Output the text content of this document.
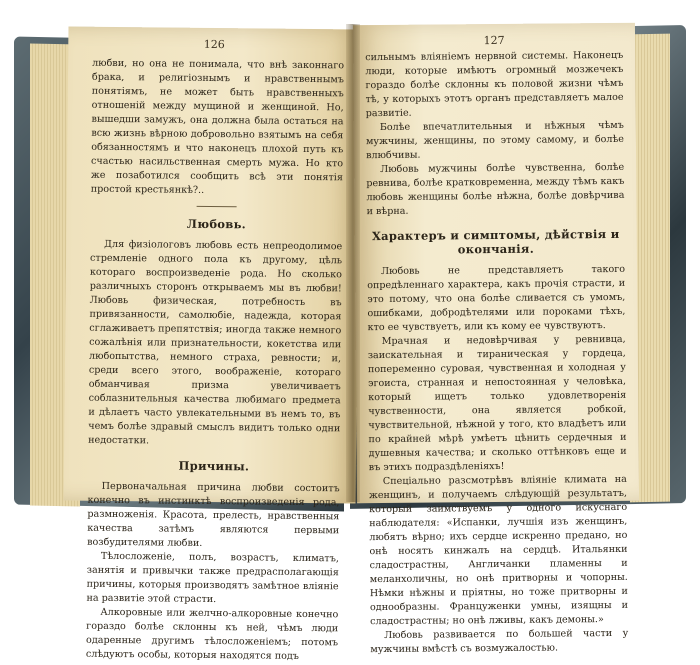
126

любви, но она не понимала, что внѣ законнаго брака, и религіознымъ и нравственнымъ понятіямъ, не может быть нравственныхъ отношеній между мущиной и женщиной. Но, вышедши замужъ, она должна была остаться на всю жизнь вѣрною добровольно взятымъ на себя обязанностямъ и что наконецъ плохой путь къ счастью насильственная смерть мужа. Но кто же позаботился сообщить всѣ эти понятія простой крестьянкѣ?..

Любовь.

Для физіологовъ любовь есть непреодолимое стремленіе одного пола къ другому, цѣль котораго воспроизведеніе рода. Но сколько различныхъ сторонъ открываемъ мы въ любви! Любовь физическая, потребность въ привязанности, самолюбіе, надежда, которая сглаживаетъ препятствія; иногда также немного сожалѣнія или признательности, кокетства или любопытства, немного страха, ревности; и, среди всего этого, воображеніе, котораго обманчивая призма увеличиваетъ соблазнительныя качества любимаго предмета и дѣлаетъ часто увлекательными въ немъ то, въ чемъ болѣе здравый смыслъ видитъ только одни недостатки.

Причины.

Первоначальная причина любви состоитъ конечно въ инстинктѣ воспроизведенія рода, размноженія. Красота, прелесть, нравственныя качества затѣмъ являются первыми возбудителями любви.

Тѣлосложеніе, полъ, возрастъ, климатъ, занятія и привычки также предрасполагающія причины, которыя производятъ замѣтное вліяніе на развитіе этой страсти.

Алкоровные или желчно-алкоровные конечно гораздо болѣе склонны къ ней, чѣмъ люди одаренные другимъ тѣлосложеніемъ; потомъ слѣдуютъ особы, которыя находятся подъ

127

сильнымъ вліяніемъ нервной системы. Наконецъ люди, которые имѣютъ огромный мозжечекъ гораздо болѣе склонны къ половой жизни чѣмъ тѣ, у которыхъ этотъ органъ представляетъ малое развитіе.

Болѣе впечатлительныя и нѣжныя чѣмъ мужчины, женщины, по этому самому, и болѣе влюбчивы.

Любовь мужчины болѣе чувственна, болѣе ревнива, болѣе кратковременна, между тѣмъ какъ любовь женщины болѣе нѣжна, болѣе довѣрчива и вѣрна.

Характеръ и симптомы, дѣйствія и окончанія.

Любовь не представляетъ такого опредѣленнаго характера, какъ прочія страсти, и это потому, что она болѣе сливается съ умомъ, ошибками, добродѣтелями или пороками тѣхъ, кто ее чувствуетъ, или къ кому ее чувствуютъ.

Мрачная и недовѣрчивая у ревнивца, заискательная и тираническая у гордеца, попеременно суровая, чувственная и холодная у эгоиста, странная и непостоянная у человѣка, который ищетъ только удовлетворенія чувственности, она является робкой, чувствительной, нѣжной у того, кто владѣетъ или по крайней мѣрѣ умѣетъ цѣнить сердечныя и душевныя качества; и сколько оттѣнковъ еще и въ этихъ подраздѣленіяхъ!

Спеціально разсмотрѣвъ вліяніе климата на женщинъ, и получаемъ слѣдующій результатъ, который заимствуемъ у одного искуснаго наблюдателя: «Испанки, лучшія изъ женщинъ, любятъ вѣрно; ихъ сердце искренно предано, но онѣ носятъ кинжалъ на сердцѣ. Итальянки сладострастны, Англичанки пламенны и меланхоличны, но онѣ притворны и чопорны. Нѣмки нѣжны и пріятны, но тоже притворны и однообразны. Француженки умны, изящны и сладострастны; но онѣ лживы, какъ демоны.»

Любовь развивается по большей части у мужчины вмѣстѣ съ возмужалостью.
